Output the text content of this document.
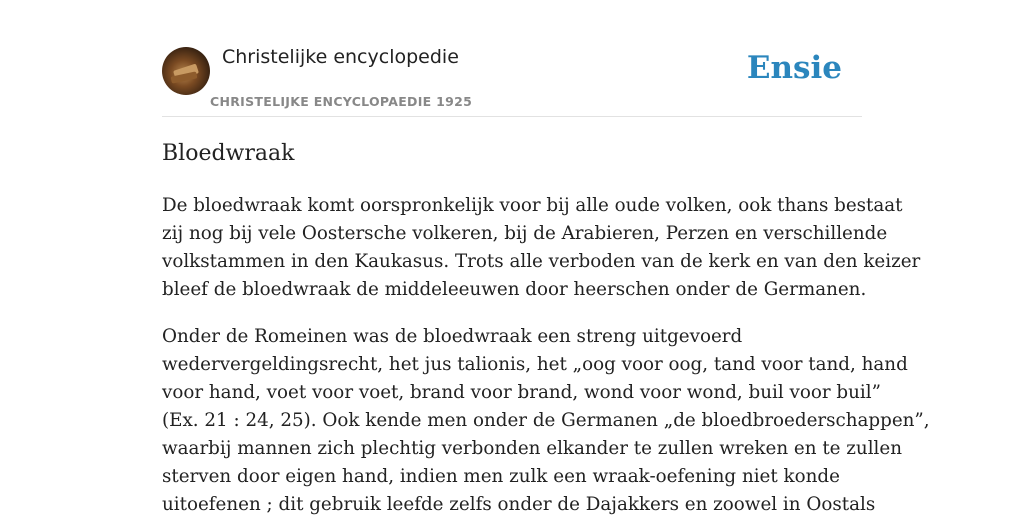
Christelijke encyclopedie
CHRISTELIJKE ENCYCLOPAEDIE 1925
Ensie
Bloedwraak

De bloedwraak komt oorspronkelijk voor bij alle oude volken, ook thans bestaat
zij nog bij vele Oostersche volkeren, bij de Arabieren, Perzen en verschillende
volkstammen in den Kaukasus. Trots alle verboden van de kerk en van den keizer
bleef de bloedwraak de middeleeuwen door heerschen onder de Germanen.

Onder de Romeinen was de bloedwraak een streng uitgevoerd
wedervergeldingsrecht, het jus talionis, het „oog voor oog, tand voor tand, hand
voor hand, voet voor voet, brand voor brand, wond voor wond, buil voor buil”
(Ex. 21 : 24, 25). Ook kende men onder de Germanen „de bloedbroederschappen”,
waarbij mannen zich plechtig verbonden elkander te zullen wreken en te zullen
sterven door eigen hand, indien men zulk een wraak-oefening niet konde
uitoefenen ; dit gebruik leefde zelfs onder de Dajakkers en zoowel in Oostals
